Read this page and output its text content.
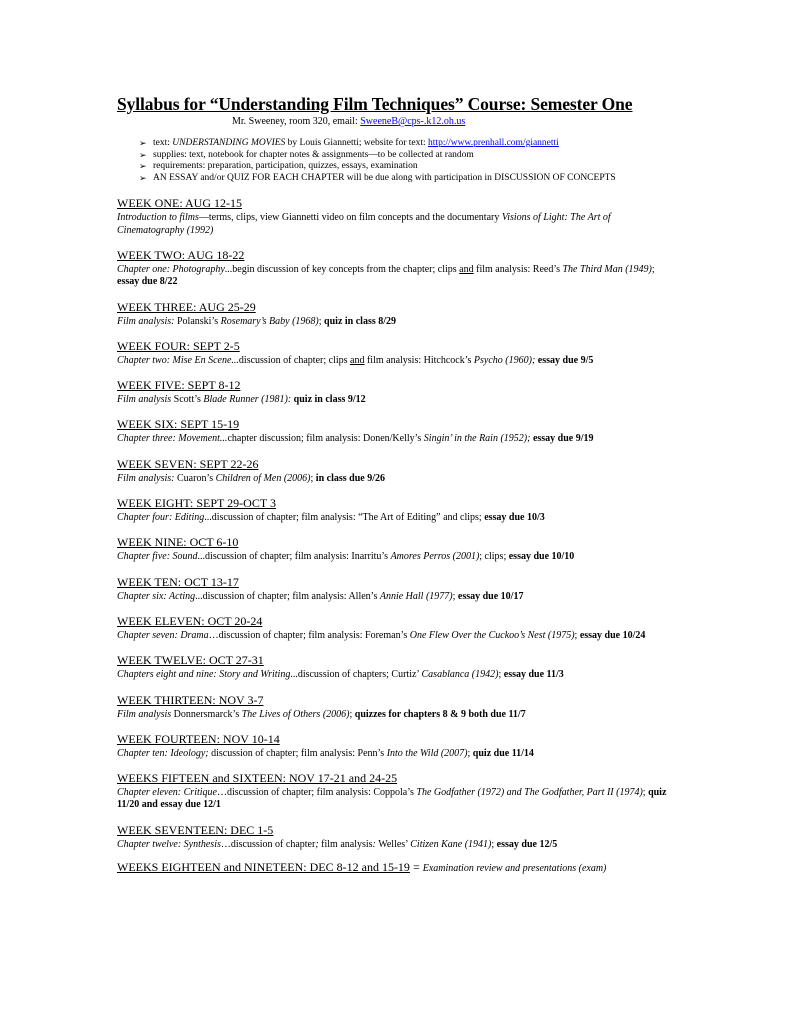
Syllabus for “Understanding Film Techniques” Course: Semester One
Mr. Sweeney, room 320, email: SweeneB@cps-.k12.oh.us
➢ text: UNDERSTANDING MOVIES by Louis Giannetti; website for text: http://www.prenhall.com/giannetti
➢ supplies: text, notebook for chapter notes & assignments—to be collected at random
➢ requirements: preparation, participation, quizzes, essays, examination
➢ AN ESSAY and/or QUIZ FOR EACH CHAPTER will be due along with participation in DISCUSSION OF CONCEPTS
WEEK ONE: AUG 12-15
Introduction to films—terms, clips, view Giannetti video on film concepts and the documentary Visions of Light: The Art of Cinematography (1992)
WEEK TWO: AUG 18-22
Chapter one: Photography...begin discussion of key concepts from the chapter; clips and film analysis: Reed’s The Third Man (1949); essay due 8/22
WEEK THREE: AUG 25-29
Film analysis: Polanski’s Rosemary’s Baby (1968); quiz in class 8/29
WEEK FOUR: SEPT 2-5
Chapter two: Mise En Scene...discussion of chapter; clips and film analysis: Hitchcock’s Psycho (1960); essay due 9/5
WEEK FIVE: SEPT 8-12
Film analysis Scott’s Blade Runner (1981): quiz in class 9/12
WEEK SIX: SEPT 15-19
Chapter three: Movement...chapter discussion; film analysis: Donen/Kelly’s Singin’ in the Rain (1952); essay due 9/19
WEEK SEVEN: SEPT 22-26
Film analysis: Cuaron’s Children of Men (2006); in class due 9/26
WEEK EIGHT: SEPT 29-OCT 3
Chapter four: Editing...discussion of chapter; film analysis: “The Art of Editing” and clips; essay due 10/3
WEEK NINE: OCT 6-10
Chapter five: Sound...discussion of chapter; film analysis: Inarritu’s Amores Perros (2001); clips; essay due 10/10
WEEK TEN: OCT 13-17
Chapter six: Acting...discussion of chapter; film analysis: Allen’s Annie Hall (1977); essay due 10/17
WEEK ELEVEN: OCT 20-24
Chapter seven: Drama…discussion of chapter; film analysis: Foreman’s One Flew Over the Cuckoo’s Nest (1975); essay due 10/24
WEEK TWELVE: OCT 27-31
Chapters eight and nine: Story and Writing...discussion of chapters; Curtiz’ Casablanca (1942); essay due 11/3
WEEK THIRTEEN: NOV 3-7
Film analysis Donnersmarck’s The Lives of Others (2006); quizzes for chapters 8 & 9 both due 11/7
WEEK FOURTEEN: NOV 10-14
Chapter ten: Ideology; discussion of chapter; film analysis: Penn’s Into the Wild (2007); quiz due 11/14
WEEKS FIFTEEN and SIXTEEN: NOV 17-21 and 24-25
Chapter eleven: Critique…discussion of chapter; film analysis: Coppola’s The Godfather (1972) and The Godfather, Part II (1974); quiz 11/20 and essay due 12/1
WEEK SEVENTEEN: DEC 1-5
Chapter twelve: Synthesis…discussion of chapter; film analysis: Welles’ Citizen Kane (1941); essay due 12/5
WEEKS EIGHTEEN and NINETEEN: DEC 8-12 and 15-19 = Examination review and presentations (exam)
